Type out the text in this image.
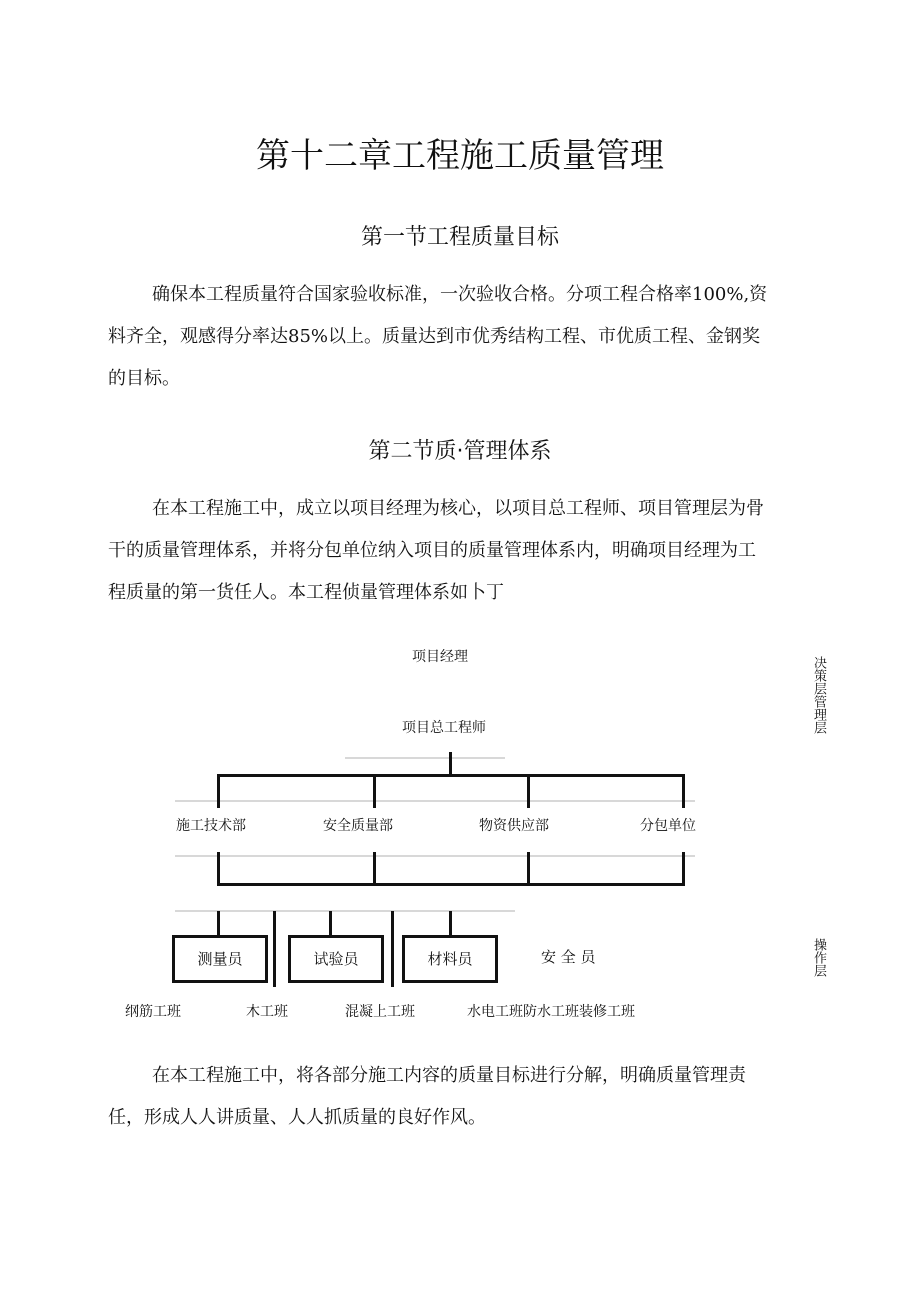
第十二章工程施工质量管理
第一节工程质量目标

确保本工程质量符合国家验收标准，一次验收合格。分项工程合格率100%,资
料齐全，观感得分率达85%以上。质量达到市优秀结构工程、市优质工程、金钢奖
的目标。

第二节质·管理体系

在本工程施工中，成立以项目经理为核心，以项目总工程师、项目管理层为骨
干的质量管理体系，并将分包单位纳入项目的质量管理体系内，明确项目经理为工
程质量的第一货任人。本工程侦量管理体系如卜丁

项目经理
项目总工程师
施工技术部	安全质量部	物资供应部	分包单位
测量员	试验员	材料员	安 全 员
纲筋工班	木工班	混凝上工班	水电工班防水工班装修工班
决策层管理层
操作层

在本工程施工中，将各部分施工内容的质量目标进行分解，明确质量管理责
任，形成人人讲质量、人人抓质量的良好作风。
